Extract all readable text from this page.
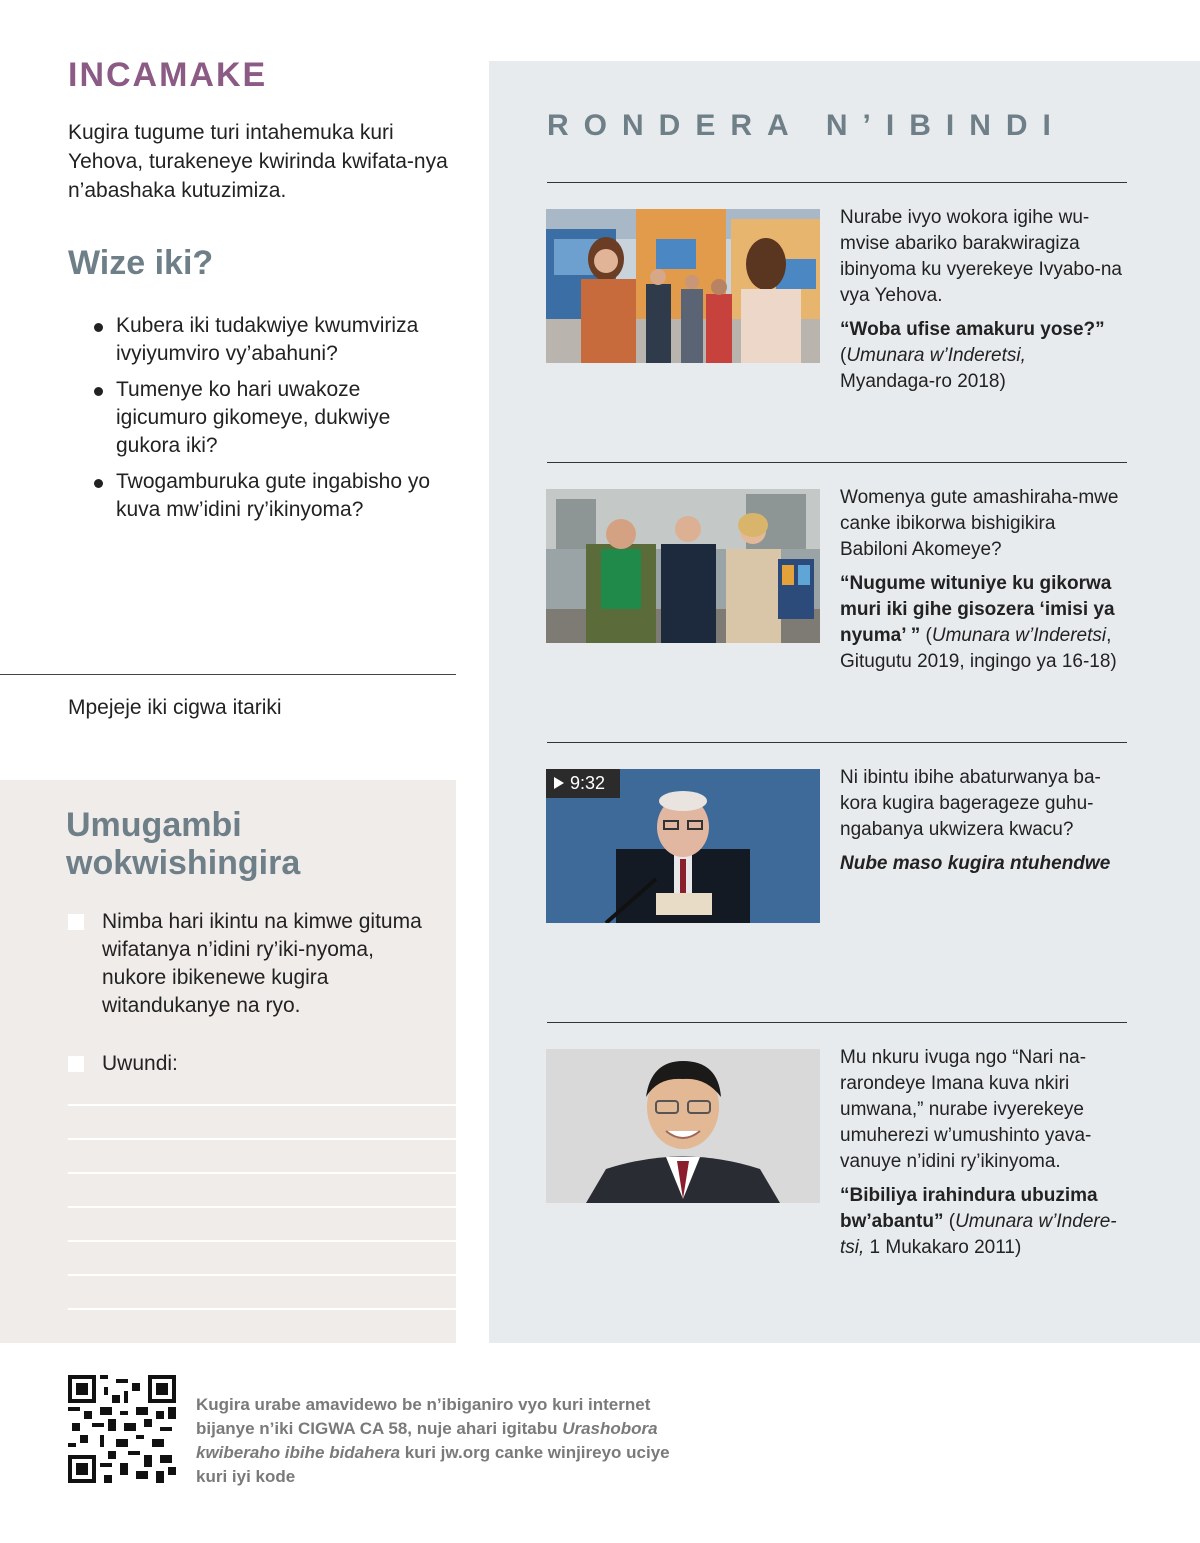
INCAMAKE

Kugira tugume turi intahemuka kuri Yehova, turakeneye kwirinda kwifata-nya n’abashaka kutuzimiza.

Wize iki?
Kubera iki tudakwiye kwumviriza ivyiyumviro vy’abahuni?
Tumenye ko hari uwakoze igicumuro gikomeye, dukwiye gukora iki?
Twogamburuka gute ingabisho yo kuva mw’idini ry’ikinyoma?
Mpejeje iki cigwa itariki
Umugambi
wokwishingira
Nimba hari ikintu na kimwe gituma wifatanya n’idini ry’iki-nyoma, nukore ibikenewe kugira witandukanye na ryo.
Uwundi:
RONDERA N’IBINDI

Nurabe ivyo wokora igihe wu-mvise abariko barakwiragiza ibinyoma ku vyerekeye Ivyabo-na vya Yehova.

“Woba ufise amakuru yose?” (Umunara w’Inderetsi, Myandaga-ro 2018)

Womenya gute amashiraha-mwe canke ibikorwa bishigikira Babiloni Akomeye?

“Nugume wituniye ku gikorwa muri iki gihe gisozera ‘imisi ya nyuma’ ” (Umunara w’Inderetsi, Gitugutu 2019, ingingo ya 16-18)

9:32	Ni ibintu ibihe abaturwanya ba-kora kugira bagerageze guhu-ngabanya ukwizera kwacu?

Nube maso kugira ntuhendwe

Mu nkuru ivuga ngo “Nari na-rarondeye Imana kuva nkiri umwana,” nurabe ivyerekeye umuherezi w’umushinto yava-vanuye n’idini ry’ikinyoma.

“Bibiliya irahindura ubuzima bw’abantu” (Umunara w’Indere-tsi, 1 Mukakaro 2011)

Kugira urabe amavidewo be n’ibiganiro vyo kuri internet bijanye n’iki CIGWA CA 58, nuje ahari igitabu Urashobora kwiberaho ibihe bidahera kuri jw.org canke winjireyo uciye kuri iyi kode
